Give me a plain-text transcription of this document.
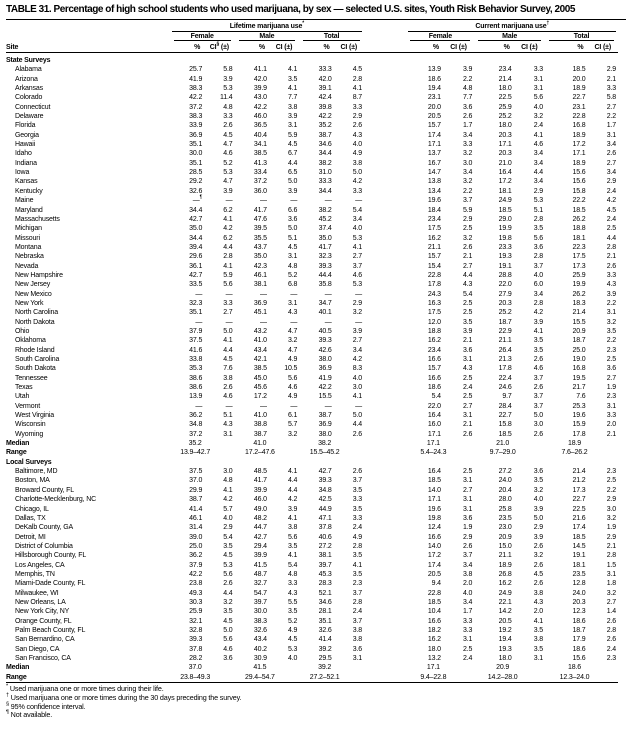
TABLE 31. Percentage of high school students who used marijuana, by sex — selected U.S. sites, Youth Risk Behavior Survey, 2005

	Lifetime marijuana use*							Current marijuana use†

	Female		Male		Total			Female		Male		Total	

Site	%	CI§ (±)	%	CI (±)	%	CI (±)		%	CI (±)	%	CI (±)	%	CI (±)
State Surveys													
Alabama	25.7	5.8	41.1	4.1	33.3	4.5		13.9	3.9	23.4	3.3	18.5	2.9
Arizona	41.9	3.9	42.0	3.5	42.0	2.8		18.6	2.2	21.4	3.1	20.0	2.1
Arkansas	38.3	5.3	39.9	4.1	39.1	4.1		19.4	4.8	18.0	3.1	18.9	3.3
Colorado	42.2	11.4	43.0	7.7	42.4	8.7		23.1	7.7	22.5	5.6	22.7	5.8
Connecticut	37.2	4.8	42.2	3.8	39.8	3.3		20.0	3.6	25.9	4.0	23.1	2.7
Delaware	38.3	3.3	46.0	3.9	42.2	2.9		20.5	2.6	25.2	3.2	22.8	2.2
Florida	33.9	2.6	36.5	3.1	35.2	2.6		15.7	1.7	18.0	2.4	16.8	1.7
Georgia	36.9	4.5	40.4	5.9	38.7	4.3		17.4	3.4	20.3	4.1	18.9	3.1
Hawaii	35.1	4.7	34.1	4.5	34.6	4.0		17.1	3.3	17.1	4.6	17.2	3.4
Idaho	30.0	4.6	38.5	6.7	34.4	4.9		13.7	3.2	20.3	3.4	17.1	2.6
Indiana	35.1	5.2	41.3	4.4	38.2	3.8		16.7	3.0	21.0	3.4	18.9	2.7
Iowa	28.5	5.3	33.4	6.5	31.0	5.0		14.7	3.4	16.4	4.4	15.6	3.4
Kansas	29.2	4.7	37.2	5.0	33.3	4.2		13.8	3.2	17.2	3.4	15.6	2.9
Kentucky	32.6	3.9	36.0	3.9	34.4	3.3		13.4	2.2	18.1	2.9	15.8	2.4
Maine	—¶	—	—	—	—	—		19.6	3.7	24.9	5.3	22.2	4.2
Maryland	34.4	6.2	41.7	6.6	38.2	5.4		18.4	5.9	18.5	5.1	18.5	4.5
Massachusetts	42.7	4.1	47.6	3.6	45.2	3.4		23.4	2.9	29.0	2.8	26.2	2.4
Michigan	35.0	4.2	39.5	5.0	37.4	4.0		17.5	2.5	19.9	3.5	18.8	2.5
Missouri	34.4	6.2	35.5	5.1	35.0	5.3		16.2	3.2	19.8	5.6	18.1	4.4
Montana	39.4	4.4	43.7	4.5	41.7	4.1		21.1	2.6	23.3	3.6	22.3	2.8
Nebraska	29.6	2.8	35.0	3.1	32.3	2.7		15.7	2.1	19.3	2.8	17.5	2.1
Nevada	36.1	4.1	42.3	4.8	39.3	3.7		15.4	2.7	19.1	3.7	17.3	2.6
New Hampshire	42.7	5.9	46.1	5.2	44.4	4.6		22.8	4.4	28.8	4.0	25.9	3.3
New Jersey	33.5	5.6	38.1	6.8	35.8	5.3		17.8	4.3	22.0	6.0	19.9	4.3
New Mexico	—	—	—	—	—	—		24.3	5.4	27.9	3.4	26.2	3.9
New York	32.3	3.3	36.9	3.1	34.7	2.9		16.3	2.5	20.3	2.8	18.3	2.2
North Carolina	35.1	2.7	45.1	4.3	40.1	3.2		17.5	2.5	25.2	4.2	21.4	3.1
North Dakota	—	—	—	—	—	—		12.0	3.5	18.7	3.9	15.5	3.2
Ohio	37.9	5.0	43.2	4.7	40.5	3.9		18.8	3.9	22.9	4.1	20.9	3.5
Oklahoma	37.5	4.1	41.0	3.2	39.3	2.7		16.2	2.1	21.1	3.5	18.7	2.2
Rhode Island	41.6	4.4	43.4	4.7	42.6	3.4		23.4	3.6	26.4	3.5	25.0	2.3
South Carolina	33.8	4.5	42.1	4.9	38.0	4.2		16.6	3.1	21.3	2.6	19.0	2.5
South Dakota	35.3	7.6	38.5	10.5	36.9	8.3		15.7	4.3	17.8	4.6	16.8	3.6
Tennessee	38.6	3.8	45.0	5.6	41.9	4.0		16.6	2.5	22.4	3.7	19.5	2.7
Texas	38.6	2.6	45.6	4.6	42.2	3.0		18.6	2.4	24.6	2.6	21.7	1.9
Utah	13.9	4.6	17.2	4.9	15.5	4.1		5.4	2.5	9.7	3.7	7.6	2.3
Vermont	—	—	—	—	—	—		22.0	2.7	28.4	3.7	25.3	3.1
West Virginia	36.2	5.1	41.0	6.1	38.7	5.0		16.4	3.1	22.7	5.0	19.6	3.3
Wisconsin	34.8	4.3	38.8	5.7	36.9	4.4		16.0	2.1	15.8	3.0	15.9	2.0
Wyoming	37.2	3.1	38.7	3.2	38.0	2.6		17.1	2.6	18.5	2.6	17.8	2.1
Median	35.2		41.0		38.2			17.1		21.0		18.9	
Range	13.9–42.7		17.2–47.6		15.5–45.2			5.4–24.3		9.7–29.0		7.6–26.2	
Local Surveys													
Baltimore, MD	37.5	3.0	48.5	4.1	42.7	2.6		16.4	2.5	27.2	3.6	21.4	2.3
Boston, MA	37.0	4.8	41.7	4.4	39.3	3.7		18.5	3.1	24.0	3.5	21.2	2.5
Broward County, FL	29.9	4.1	39.9	4.4	34.8	3.5		14.0	2.7	20.4	3.2	17.3	2.2
Charlotte-Mecklenburg, NC	38.7	4.2	46.0	4.2	42.5	3.3		17.1	3.1	28.0	4.0	22.7	2.9
Chicago, IL	41.4	5.7	49.0	3.9	44.9	3.5		19.6	3.1	25.8	3.9	22.5	3.0
Dallas, TX	46.1	4.0	48.2	4.1	47.1	3.3		19.8	3.6	23.5	5.0	21.6	3.2
DeKalb County, GA	31.4	2.9	44.7	3.8	37.8	2.4		12.4	1.9	23.0	2.9	17.4	1.9
Detroit, MI	39.0	5.4	42.7	5.6	40.6	4.9		16.6	2.9	20.9	3.9	18.5	2.9
District of Columbia	25.0	3.5	29.4	3.5	27.2	2.8		14.0	2.6	15.0	2.6	14.5	2.1
Hillsborough County, FL	36.2	4.5	39.9	4.1	38.1	3.5		17.2	3.7	21.1	3.2	19.1	2.8
Los Angeles, CA	37.9	5.3	41.5	5.4	39.7	4.1		17.4	3.4	18.9	2.6	18.1	1.5
Memphis, TN	42.2	5.6	48.7	4.8	45.3	3.5		20.5	3.8	26.8	4.5	23.5	3.1
Miami-Dade County, FL	23.8	2.6	32.7	3.3	28.3	2.3		9.4	2.0	16.2	2.6	12.8	1.8
Milwaukee, WI	49.3	4.4	54.7	4.3	52.1	3.7		22.8	4.0	24.9	3.8	24.0	3.2
New Orleans, LA	30.3	3.2	39.7	5.5	34.6	2.8		18.5	3.4	22.1	4.3	20.3	2.7
New York City, NY	25.9	3.5	30.0	3.5	28.1	2.4		10.4	1.7	14.2	2.0	12.3	1.4
Orange County, FL	32.1	4.5	38.3	5.2	35.1	3.7		16.6	3.3	20.5	4.1	18.6	2.6
Palm Beach County, FL	32.8	5.0	32.6	4.9	32.6	3.8		18.2	3.3	19.2	3.5	18.7	2.8
San Bernardino, CA	39.3	5.6	43.4	4.5	41.4	3.8		16.2	3.1	19.4	3.8	17.9	2.6
San Diego, CA	37.8	4.6	40.2	5.3	39.2	3.6		18.0	2.5	19.3	3.5	18.6	2.4
San Francisco, CA	28.2	3.6	30.9	4.0	29.5	3.1		13.2	2.4	18.0	3.1	15.6	2.3
Median	37.0		41.5		39.2			17.1		20.9		18.6	
Range	23.8–49.3		29.4–54.7		27.2–52.1			9.4–22.8		14.2–28.0		12.3–24.0	
* Used marijuana one or more times during their life.
† Used marijuana one or more times during the 30 days preceding the survey.
§ 95% confidence interval.
¶ Not available.
